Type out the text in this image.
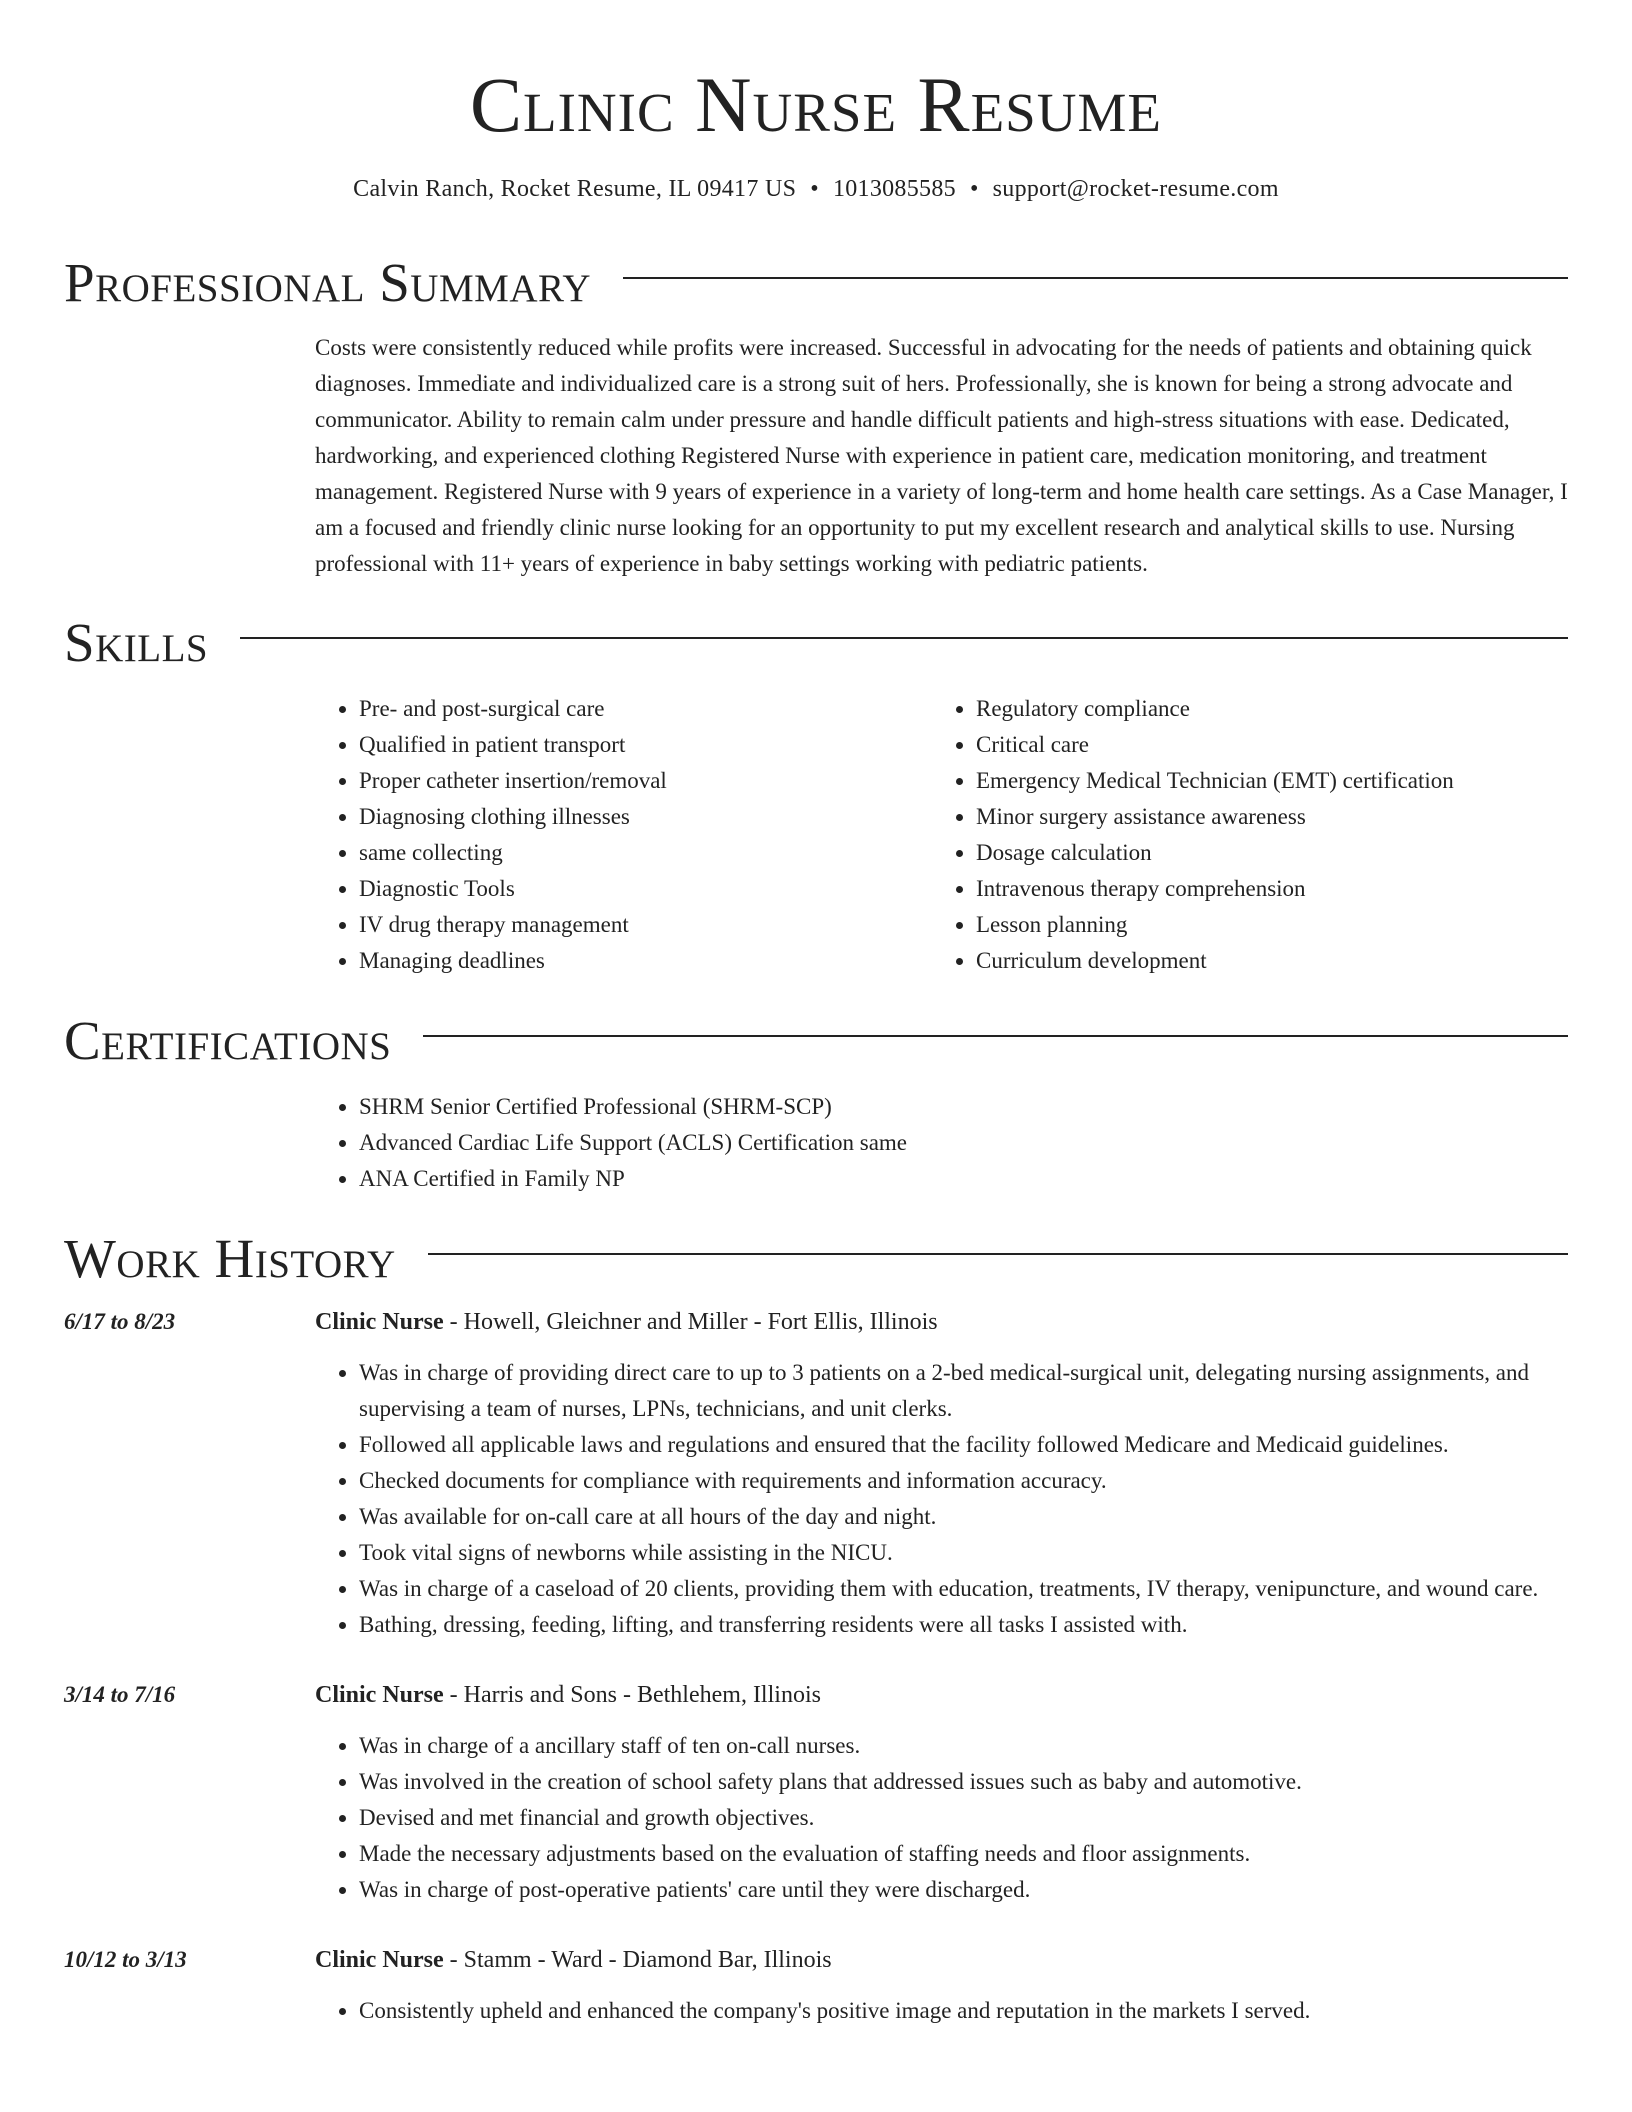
Clinic Nurse Resume
Calvin Ranch, Rocket Resume, IL 09417 US • 1013085585 • support@rocket-resume.com
Professional Summary

Costs were consistently reduced while profits were increased. Successful in advocating for the needs of patients and obtaining quick diagnoses. Immediate and individualized care is a strong suit of hers. Professionally, she is known for being a strong advocate and communicator. Ability to remain calm under pressure and handle difficult patients and high-stress situations with ease. Dedicated, hardworking, and experienced clothing Registered Nurse with experience in patient care, medication monitoring, and treatment management. Registered Nurse with 9 years of experience in a variety of long-term and home health care settings. As a Case Manager, I am a focused and friendly clinic nurse looking for an opportunity to put my excellent research and analytical skills to use. Nursing professional with 11+ years of experience in baby settings working with pediatric patients.

Skills
• Pre- and post-surgical care
• Qualified in patient transport
• Proper catheter insertion/removal
• Diagnosing clothing illnesses
• same collecting
• Diagnostic Tools
• IV drug therapy management
• Managing deadlines
• Regulatory compliance
• Critical care
• Emergency Medical Technician (EMT) certification
• Minor surgery assistance awareness
• Dosage calculation
• Intravenous therapy comprehension
• Lesson planning
• Curriculum development
Certifications
• SHRM Senior Certified Professional (SHRM-SCP)
• Advanced Cardiac Life Support (ACLS) Certification same
• ANA Certified in Family NP
Work History
6/17 to 8/23	Clinic Nurse - Howell, Gleichner and Miller - Fort Ellis, Illinois
• Was in charge of providing direct care to up to 3 patients on a 2-bed medical-surgical unit, delegating nursing assignments, and supervising a team of nurses, LPNs, technicians, and unit clerks.
• Followed all applicable laws and regulations and ensured that the facility followed Medicare and Medicaid guidelines.
• Checked documents for compliance with requirements and information accuracy.
• Was available for on-call care at all hours of the day and night.
• Took vital signs of newborns while assisting in the NICU.
• Was in charge of a caseload of 20 clients, providing them with education, treatments, IV therapy, venipuncture, and wound care.
• Bathing, dressing, feeding, lifting, and transferring residents were all tasks I assisted with.
3/14 to 7/16	Clinic Nurse - Harris and Sons - Bethlehem, Illinois
• Was in charge of a ancillary staff of ten on-call nurses.
• Was involved in the creation of school safety plans that addressed issues such as baby and automotive.
• Devised and met financial and growth objectives.
• Made the necessary adjustments based on the evaluation of staffing needs and floor assignments.
• Was in charge of post-operative patients' care until they were discharged.
10/12 to 3/13	Clinic Nurse - Stamm - Ward - Diamond Bar, Illinois
• Consistently upheld and enhanced the company's positive image and reputation in the markets I served.
